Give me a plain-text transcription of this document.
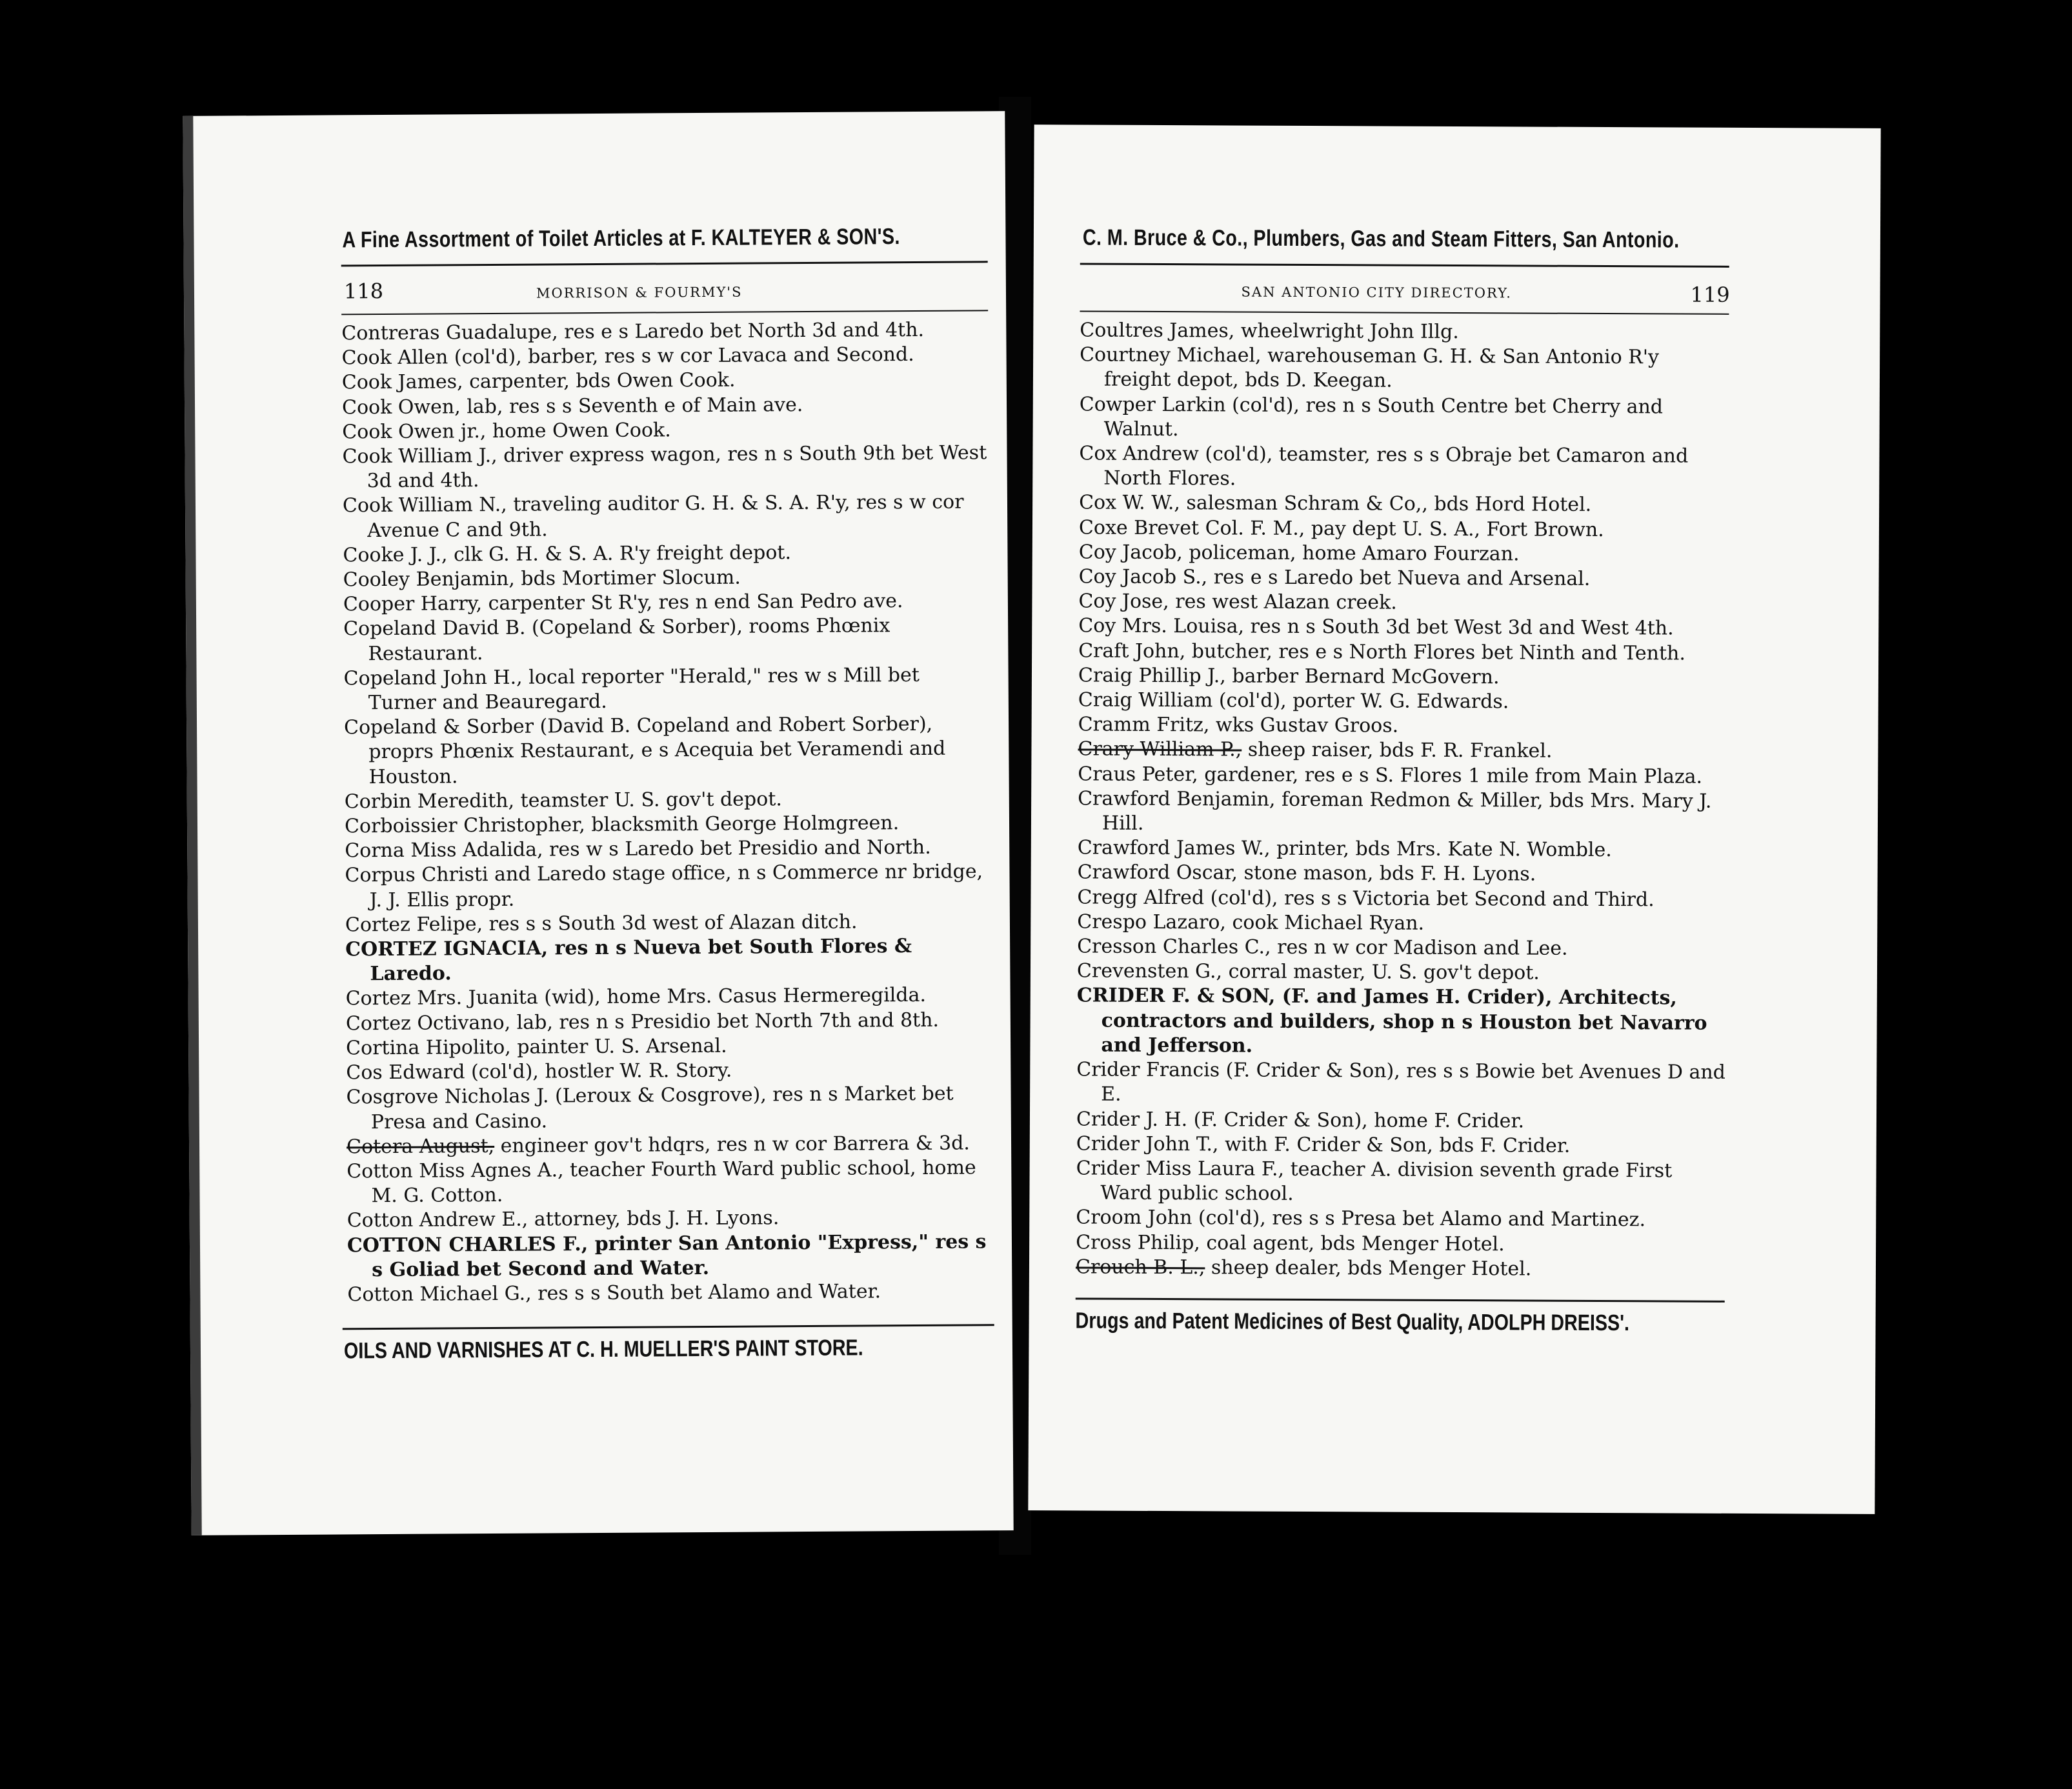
A Fine Assortment of Toilet Articles at F. KALTEYER & SON'S.
118	MORRISON & FOURMY'S
Contreras Guadalupe, res e s Laredo bet North 3d and 4th.
Cook Allen (col'd), barber, res s w cor Lavaca and Second.
Cook James, carpenter, bds Owen Cook.
Cook Owen, lab, res s s Seventh e of Main ave.
Cook Owen jr., home Owen Cook.
Cook William J., driver express wagon, res n s South 9th bet West 3d and 4th.
Cook William N., traveling auditor G. H. & S. A. R'y, res s w cor Avenue C and 9th.
Cooke J. J., clk G. H. & S. A. R'y freight depot.
Cooley Benjamin, bds Mortimer Slocum.
Cooper Harry, carpenter St R'y, res n end San Pedro ave.
Copeland David B. (Copeland & Sorber), rooms Phœnix Restaurant.
Copeland John H., local reporter "Herald," res w s Mill bet Turner and Beauregard.
Copeland & Sorber (David B. Copeland and Robert Sorber), proprs Phœnix Restaurant, e s Acequia bet Veramendi and Houston.
Corbin Meredith, teamster U. S. gov't depot.
Corboissier Christopher, blacksmith George Holmgreen.
Corna Miss Adalida, res w s Laredo bet Presidio and North.
Corpus Christi and Laredo stage office, n s Commerce nr bridge, J. J. Ellis propr.
Cortez Felipe, res s s South 3d west of Alazan ditch.
CORTEZ IGNACIA, res n s Nueva bet South Flores & Laredo.
Cortez Mrs. Juanita (wid), home Mrs. Casus Hermeregilda.
Cortez Octivano, lab, res n s Presidio bet North 7th and 8th.
Cortina Hipolito, painter U. S. Arsenal.
Cos Edward (col'd), hostler W. R. Story.
Cosgrove Nicholas J. (Leroux & Cosgrove), res n s Market bet Presa and Casino.
Cotera August, engineer gov't hdqrs, res n w cor Barrera & 3d.
Cotton Miss Agnes A., teacher Fourth Ward public school, home M. G. Cotton.
Cotton Andrew E., attorney, bds J. H. Lyons.
COTTON CHARLES F., printer San Antonio "Express," res s s Goliad bet Second and Water.
Cotton Michael G., res s s South bet Alamo and Water.
OILS AND VARNISHES AT C. H. MUELLER'S PAINT STORE.
C. M. Bruce & Co., Plumbers, Gas and Steam Fitters, San Antonio.
SAN ANTONIO CITY DIRECTORY.	119
Coultres James, wheelwright John Illg.
Courtney Michael, warehouseman G. H. & San Antonio R'y freight depot, bds D. Keegan.
Cowper Larkin (col'd), res n s South Centre bet Cherry and Walnut.
Cox Andrew (col'd), teamster, res s s Obraje bet Camaron and North Flores.
Cox W. W., salesman Schram & Co,, bds Hord Hotel.
Coxe Brevet Col. F. M., pay dept U. S. A., Fort Brown.
Coy Jacob, policeman, home Amaro Fourzan.
Coy Jacob S., res e s Laredo bet Nueva and Arsenal.
Coy Jose, res west Alazan creek.
Coy Mrs. Louisa, res n s South 3d bet West 3d and West 4th.
Craft John, butcher, res e s North Flores bet Ninth and Tenth.
Craig Phillip J., barber Bernard McGovern.
Craig William (col'd), porter W. G. Edwards.
Cramm Fritz, wks Gustav Groos.
Crary William P., sheep raiser, bds F. R. Frankel.
Craus Peter, gardener, res e s S. Flores 1 mile from Main Plaza.
Crawford Benjamin, foreman Redmon & Miller, bds Mrs. Mary J. Hill.
Crawford James W., printer, bds Mrs. Kate N. Womble.
Crawford Oscar, stone mason, bds F. H. Lyons.
Cregg Alfred (col'd), res s s Victoria bet Second and Third.
Crespo Lazaro, cook Michael Ryan.
Cresson Charles C., res n w cor Madison and Lee.
Crevensten G., corral master, U. S. gov't depot.
CRIDER F. & SON, (F. and James H. Crider), Architects, contractors and builders, shop n s Houston bet Navarro and Jefferson.
Crider Francis (F. Crider & Son), res s s Bowie bet Avenues D and E.
Crider J. H. (F. Crider & Son), home F. Crider.
Crider John T., with F. Crider & Son, bds F. Crider.
Crider Miss Laura F., teacher A. division seventh grade First Ward public school.
Croom John (col'd), res s s Presa bet Alamo and Martinez.
Cross Philip, coal agent, bds Menger Hotel.
Crouch B. L., sheep dealer, bds Menger Hotel.
Drugs and Patent Medicines of Best Quality, ADOLPH DREISS'.
